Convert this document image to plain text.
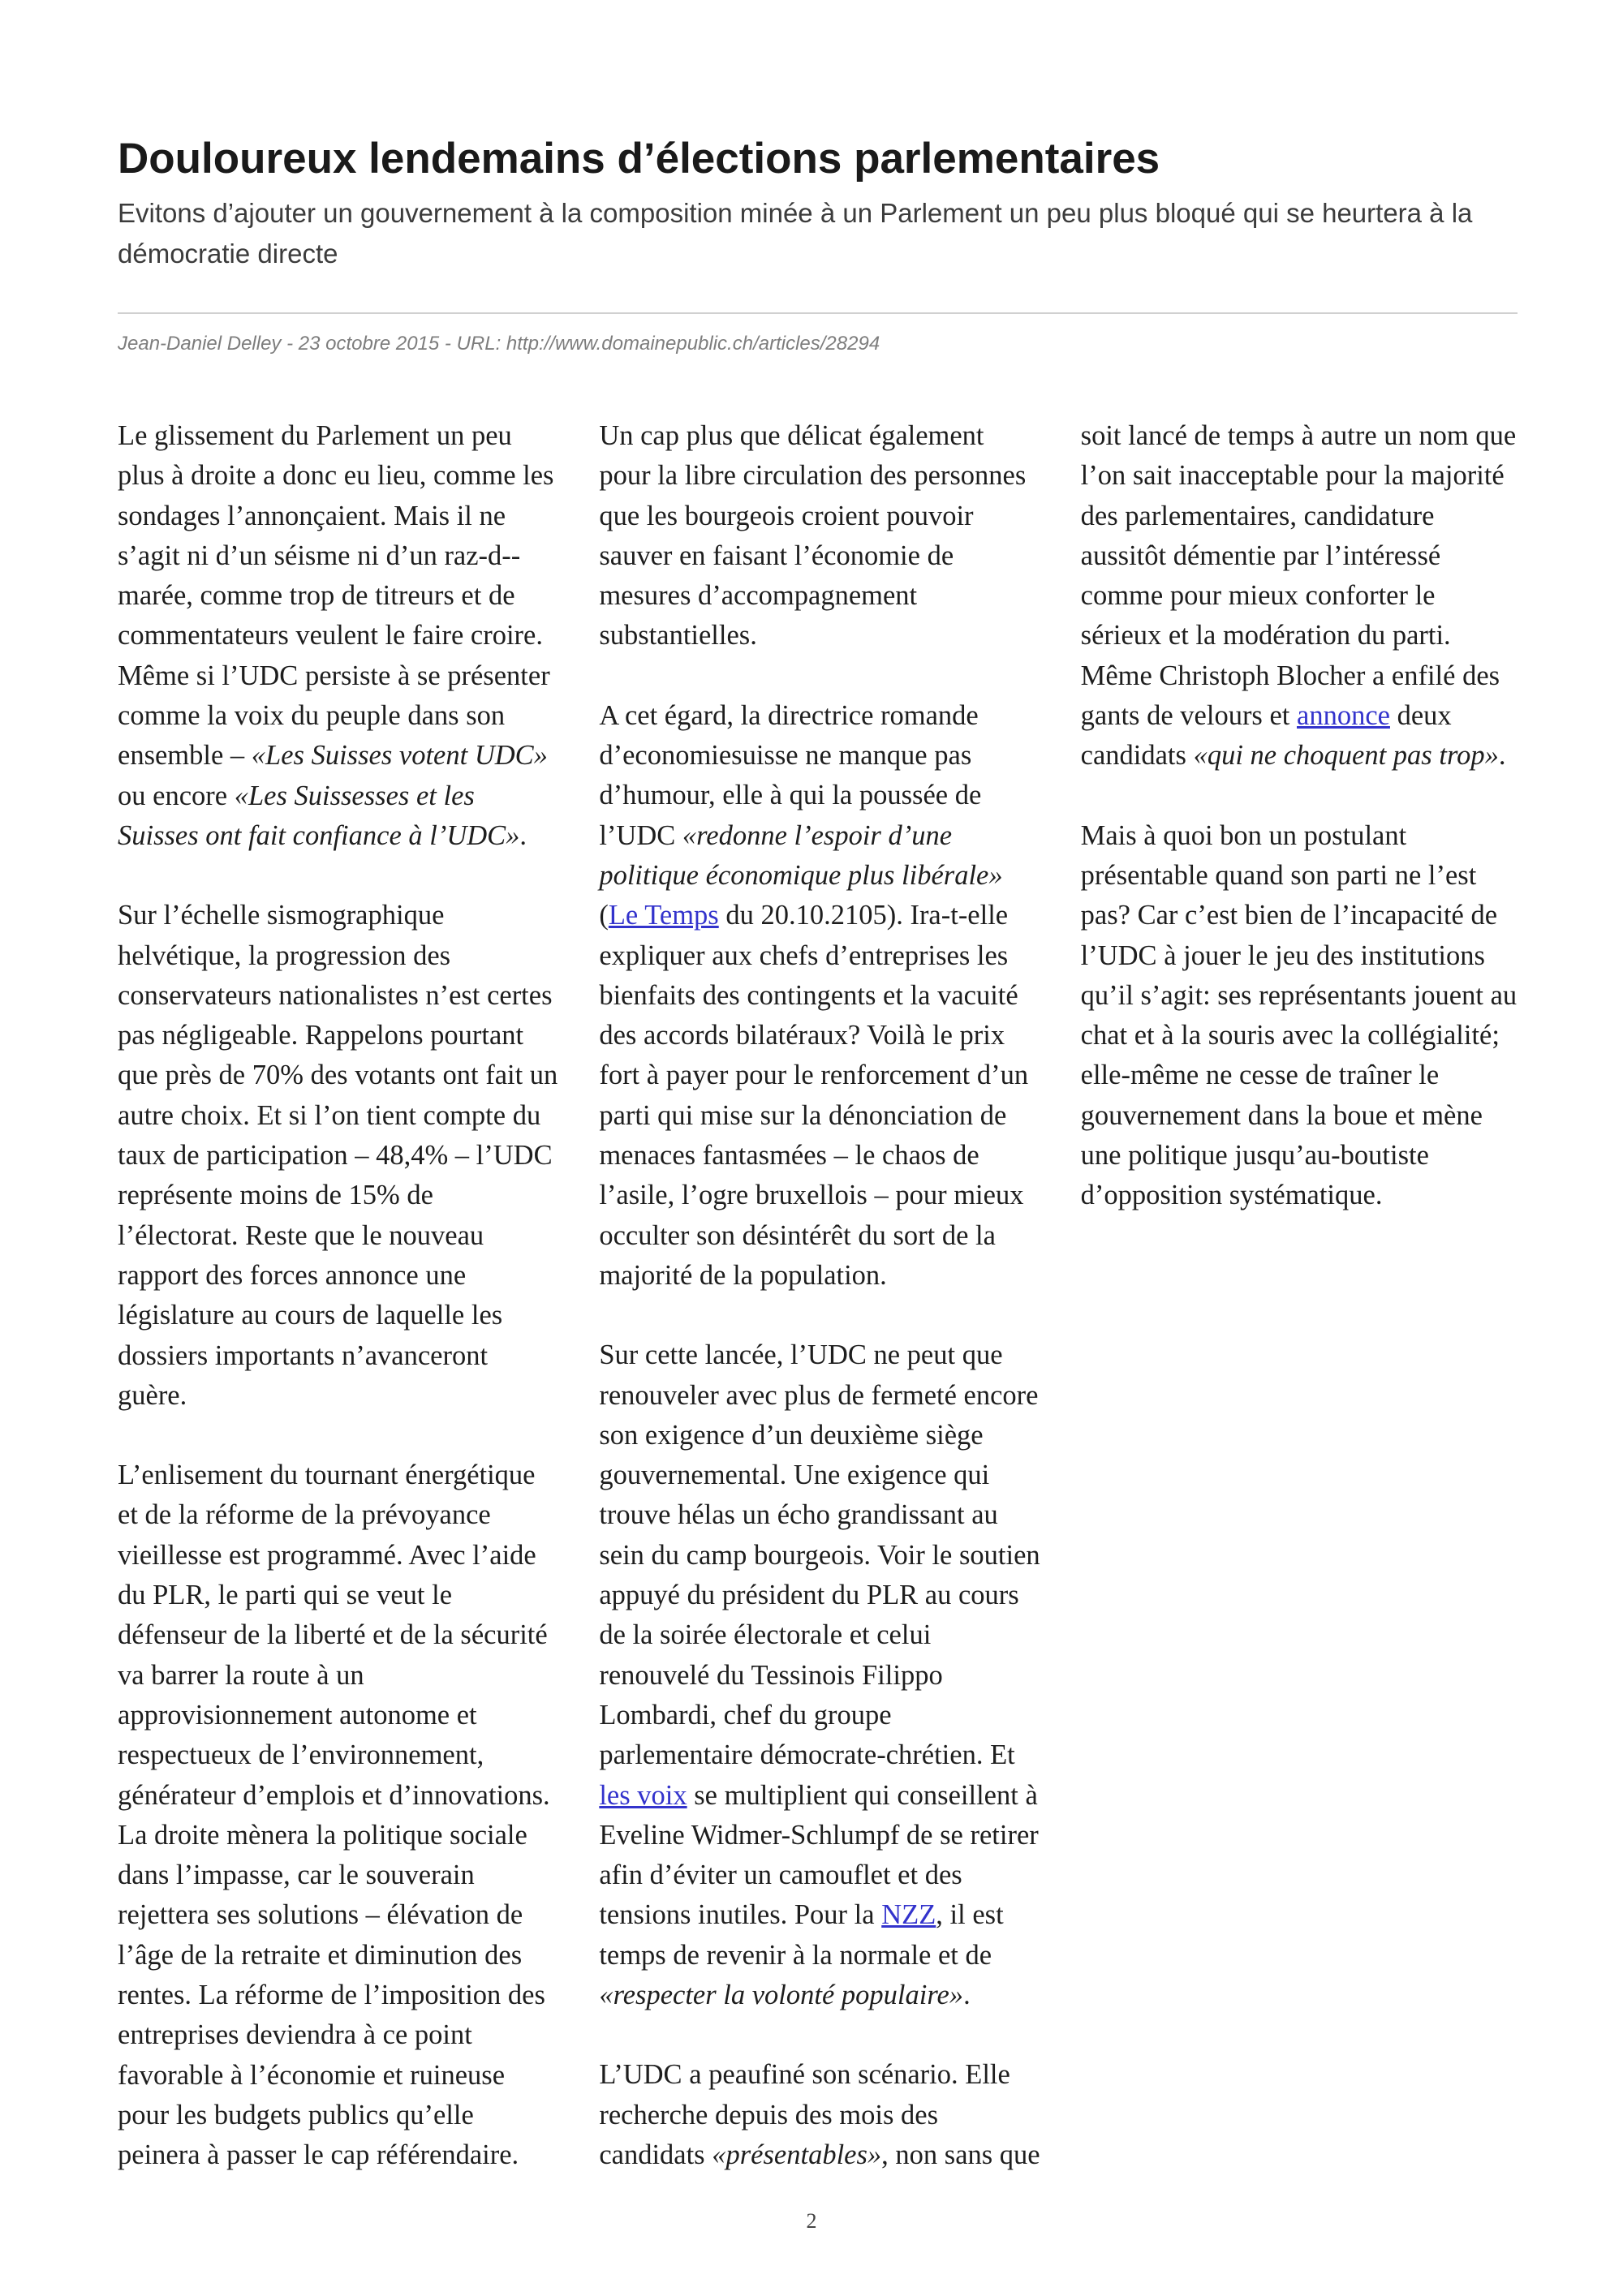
Douloureux lendemains d’élections parlementaires
Evitons d’ajouter un gouvernement à la composition minée à un Parlement un peu plus bloqué qui se heurtera à la démocratie directe
Jean-Daniel Delley - 23 octobre 2015 - URL: http://www.domainepublic.ch/articles/28294

Le glissement du Parlement un peu plus à droite a donc eu lieu, comme les sondages l’annonçaient. Mais il ne s’agit ni d’un séisme ni d’un raz-d--marée, comme trop de titreurs et de commentateurs veulent le faire croire. Même si l’UDC persiste à se présenter comme la voix du peuple dans son ensemble – «Les Suisses votent UDC» ou encore «Les Suissesses et les Suisses ont fait confiance à l’UDC».

Sur l’échelle sismographique helvétique, la progression des conservateurs nationalistes n’est certes pas négligeable. Rappelons pourtant que près de 70% des votants ont fait un autre choix. Et si l’on tient compte du taux de participation – 48,4% – l’UDC représente moins de 15% de l’électorat. Reste que le nouveau rapport des forces annonce une législature au cours de laquelle les dossiers importants n’avanceront guère.

L’enlisement du tournant énergétique et de la réforme de la prévoyance vieillesse est programmé. Avec l’aide du PLR, le parti qui se veut le défenseur de la liberté et de la sécurité va barrer la route à un approvisionnement autonome et respectueux de l’environnement, générateur d’emplois et d’innovations. La droite mènera la politique sociale dans l’impasse, car le souverain rejettera ses solutions – élévation de l’âge de la retraite et diminution des rentes. La réforme de l’imposition des entreprises deviendra à ce point favorable à l’économie et ruineuse pour les budgets publics qu’elle peinera à passer le cap référendaire. Un cap plus que délicat également pour la libre circulation des personnes que les bourgeois croient pouvoir sauver en faisant l’économie de mesures d’accompagnement substantielles.

A cet égard, la directrice romande d’economiesuisse ne manque pas d’humour, elle à qui la poussée de l’UDC «redonne l’espoir d’une politique économique plus libérale» (Le Temps du 20.10.2105). Ira-t-elle expliquer aux chefs d’entreprises les bienfaits des contingents et la vacuité des accords bilatéraux? Voilà le prix fort à payer pour le renforcement d’un parti qui mise sur la dénonciation de menaces fantasmées – le chaos de l’asile, l’ogre bruxellois – pour mieux occulter son désintérêt du sort de la majorité de la population.

Sur cette lancée, l’UDC ne peut que renouveler avec plus de fermeté encore son exigence d’un deuxième siège gouvernemental. Une exigence qui trouve hélas un écho grandissant au sein du camp bourgeois. Voir le soutien appuyé du président du PLR au cours de la soirée électorale et celui renouvelé du Tessinois Filippo Lombardi, chef du groupe parlementaire démocrate-chrétien. Et les voix se multiplient qui conseillent à Eveline Widmer-Schlumpf de se retirer afin d’éviter un camouflet et des tensions inutiles. Pour la NZZ, il est temps de revenir à la normale et de «respecter la volonté populaire».

L’UDC a peaufiné son scénario. Elle recherche depuis des mois des candidats «présentables», non sans que soit lancé de temps à autre un nom que l’on sait inacceptable pour la majorité des parlementaires, candidature aussitôt démentie par l’intéressé comme pour mieux conforter le sérieux et la modération du parti. Même Christoph Blocher a enfilé des gants de velours et annonce deux candidats «qui ne choquent pas trop».

Mais à quoi bon un postulant présentable quand son parti ne l’est pas? Car c’est bien de l’incapacité de l’UDC à jouer le jeu des institutions qu’il s’agit: ses représentants jouent au chat et à la souris avec la collégialité; elle-même ne cesse de traîner le gouvernement dans la boue et mène une politique jusqu’au-boutiste d’opposition systématique.

2
